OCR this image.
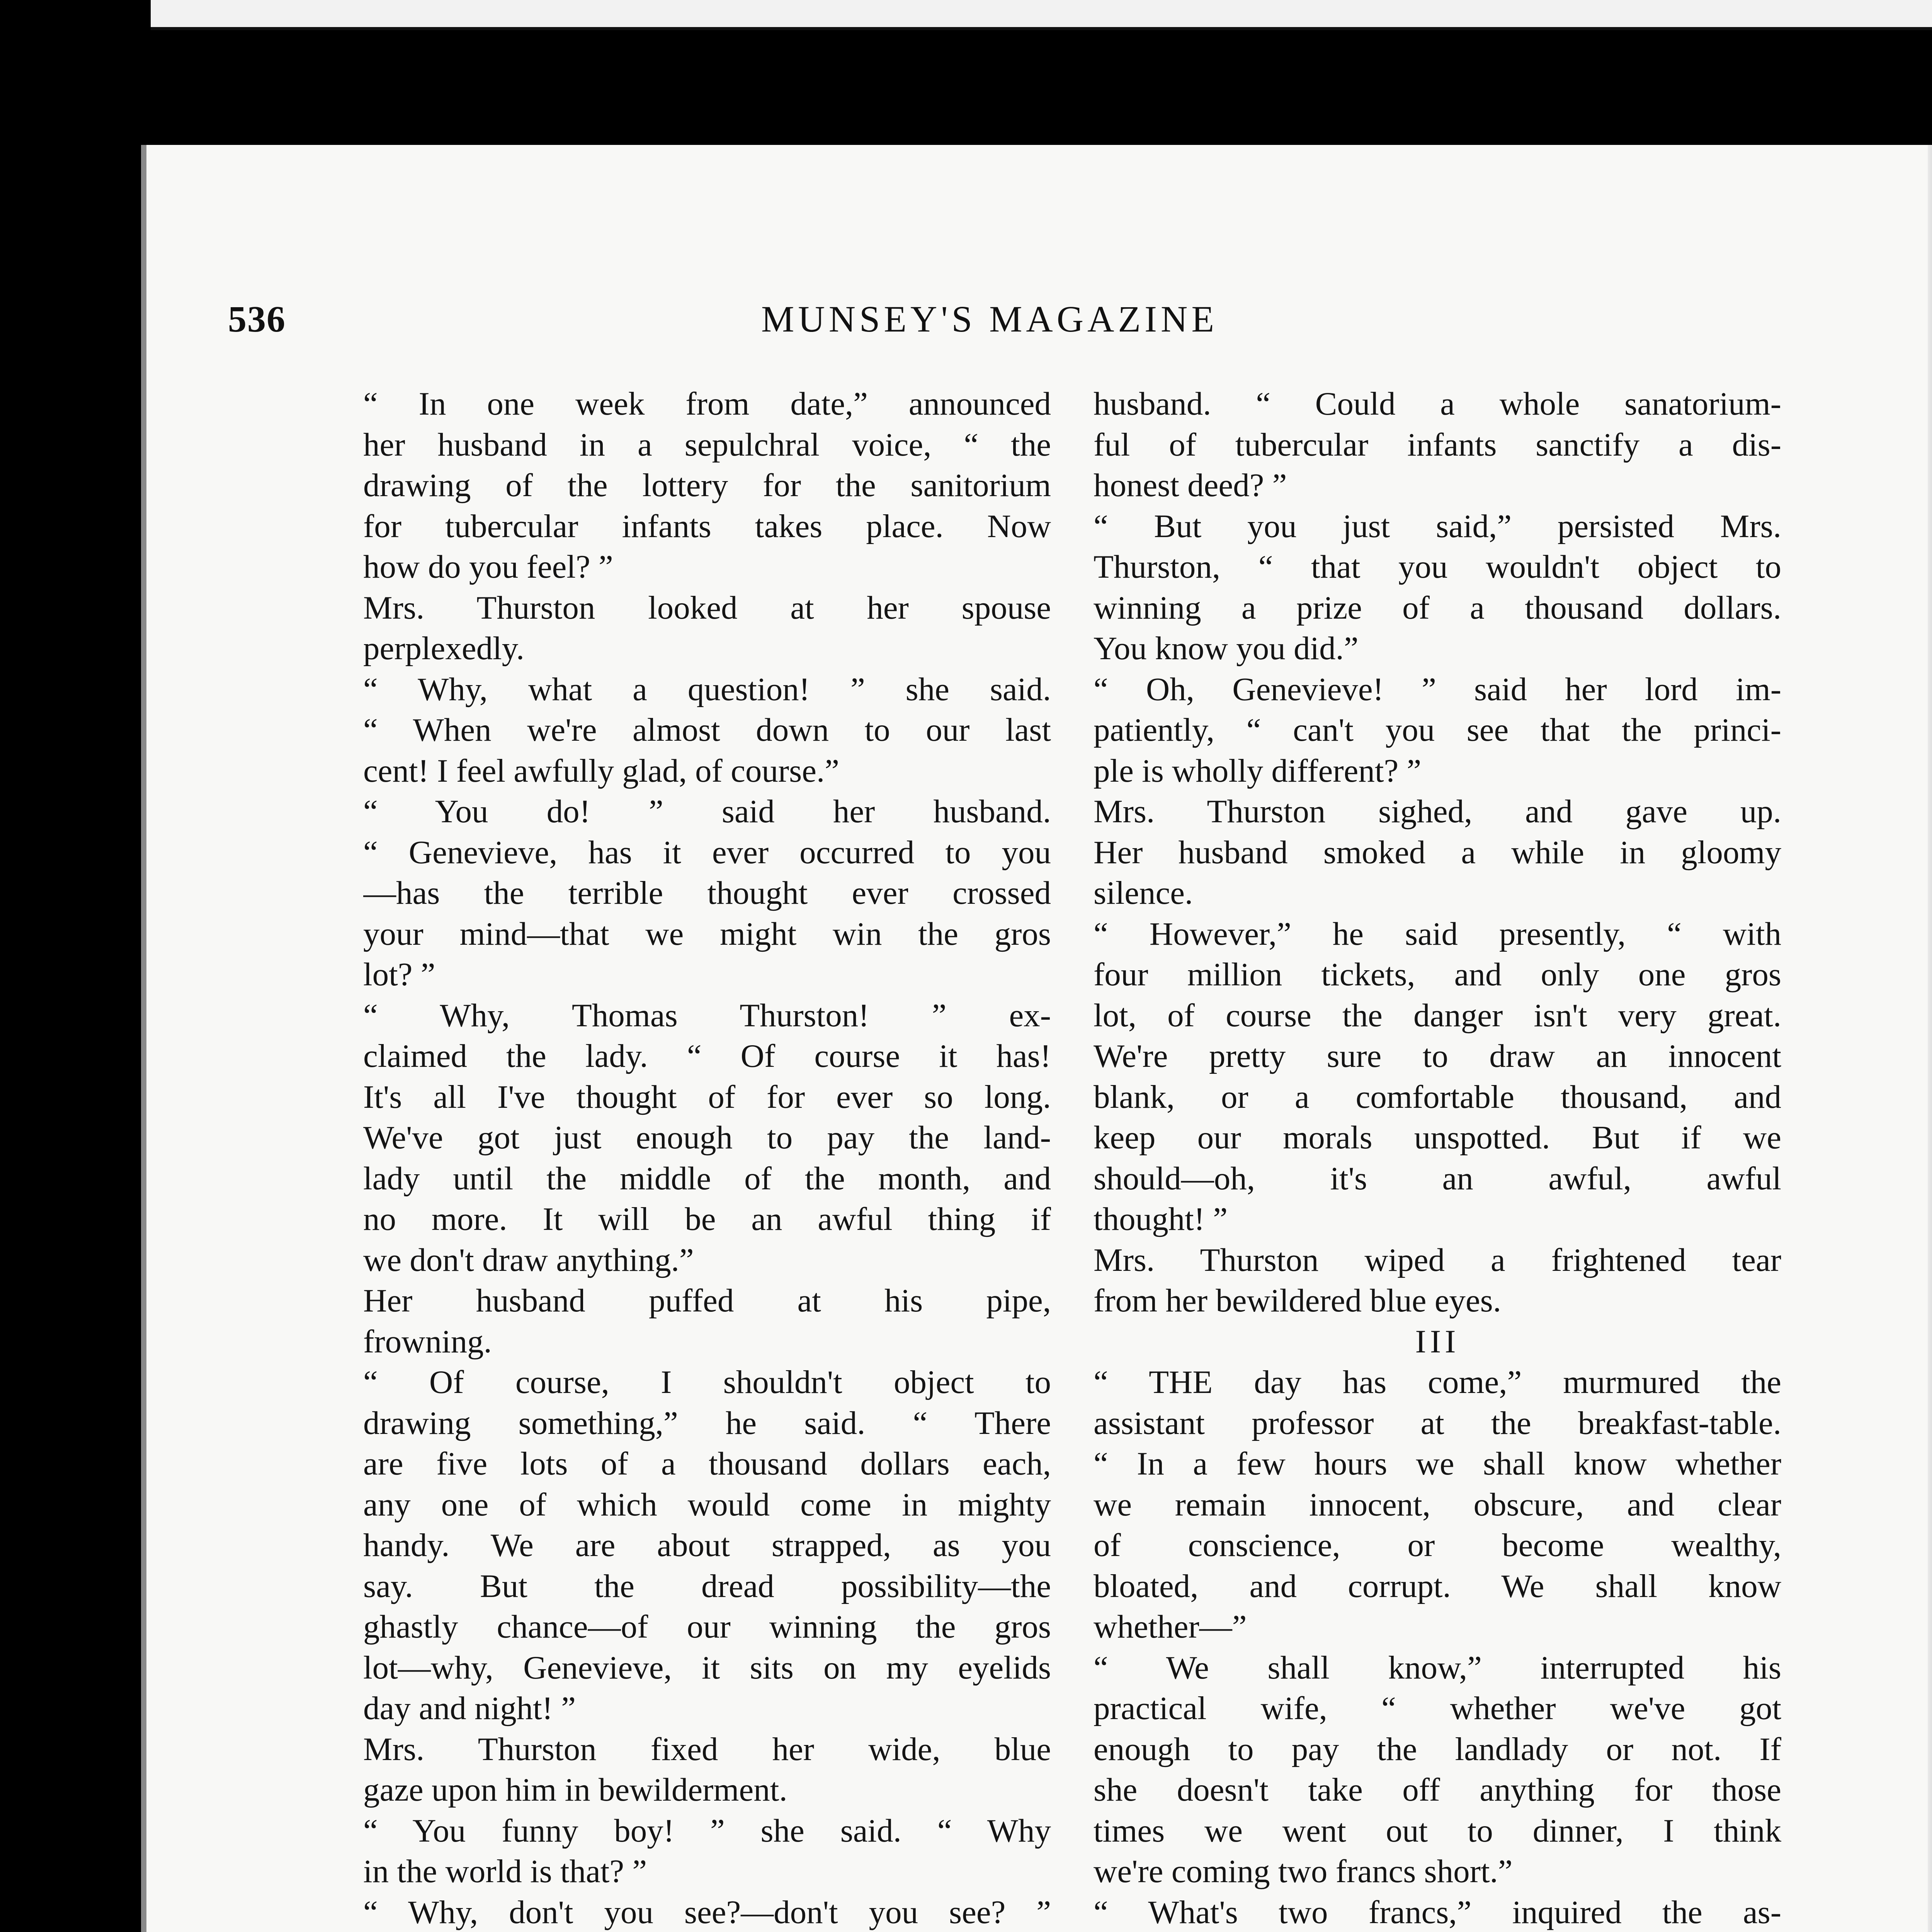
536	MUNSEY'S MAGAZINE
“ In one week from date,” announced
her husband in a sepulchral voice, “ the
drawing of the lottery for the sanitorium
for tubercular infants takes place. Now
how do you feel? ”
Mrs. Thurston looked at her spouse
perplexedly.
“ Why, what a question! ” she said.
“ When we're almost down to our last
cent! I feel awfully glad, of course.”
“ You do! ” said her husband.
“ Genevieve, has it ever occurred to you
—has the terrible thought ever crossed
your mind—that we might win the gros
lot? ”
“ Why, Thomas Thurston! ” ex-
claimed the lady. “ Of course it has!
It's all I've thought of for ever so long.
We've got just enough to pay the land-
lady until the middle of the month, and
no more. It will be an awful thing if
we don't draw anything.”
Her husband puffed at his pipe,
frowning.
“ Of course, I shouldn't object to
drawing something,” he said. “ There
are five lots of a thousand dollars each,
any one of which would come in mighty
handy. We are about strapped, as you
say. But the dread possibility—the
ghastly chance—of our winning the gros
lot—why, Genevieve, it sits on my eyelids
day and night! ”
Mrs. Thurston fixed her wide, blue
gaze upon him in bewilderment.
“ You funny boy! ” she said. “ Why
in the world is that? ”
“ Why, don't you see?—don't you see? ”
husband. “ Could a whole sanatorium-
ful of tubercular infants sanctify a dis-
honest deed? ”
“ But you just said,” persisted Mrs.
Thurston, “ that you wouldn't object to
winning a prize of a thousand dollars.
You know you did.”
“ Oh, Genevieve! ” said her lord im-
patiently, “ can't you see that the princi-
ple is wholly different? ”
Mrs. Thurston sighed, and gave up.
Her husband smoked a while in gloomy
silence.
“ However,” he said presently, “ with
four million tickets, and only one gros
lot, of course the danger isn't very great.
We're pretty sure to draw an innocent
blank, or a comfortable thousand, and
keep our morals unspotted. But if we
should—oh, it's an awful, awful
thought! ”
Mrs. Thurston wiped a frightened tear
from her bewildered blue eyes.
III
“ THE day has come,” murmured the
assistant professor at the breakfast-table.
“ In a few hours we shall know whether
we remain innocent, obscure, and clear
of conscience, or become wealthy,
bloated, and corrupt. We shall know
whether—”
“ We shall know,” interrupted his
practical wife, “ whether we've got
enough to pay the landlady or not. If
she doesn't take off anything for those
times we went out to dinner, I think
we're coming two francs short.”
“ What's two francs,” inquired the as-
